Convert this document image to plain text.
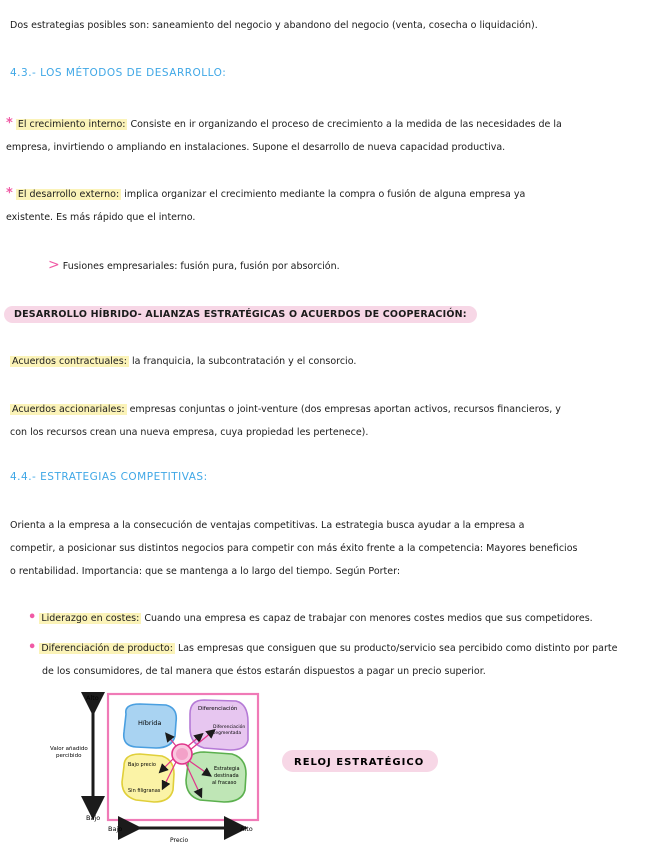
Dos estrategias posibles son: saneamiento del negocio y abandono del negocio (venta, cosecha o liquidación).
4.3.- LOS MÉTODOS DE DESARROLLO:
* El crecimiento interno: Consiste en ir organizando el proceso de crecimiento a la medida de las necesidades de la
empresa, invirtiendo o ampliando en instalaciones. Supone el desarrollo de nueva capacidad productiva.
* El desarrollo externo: implica organizar el crecimiento mediante la compra o fusión de alguna empresa ya
existente. Es más rápido que el interno.
> Fusiones empresariales: fusión pura, fusión por absorción.
DESARROLLO HÍBRIDO- ALIANZAS ESTRATÉGICAS O ACUERDOS DE COOPERACIÓN:
Acuerdos contractuales: la franquicia, la subcontratación y el consorcio.
Acuerdos accionariales: empresas conjuntas o joint-venture (dos empresas aportan activos, recursos financieros, y
con los recursos crean una nueva empresa, cuya propiedad les pertenece).
4.4.- ESTRATEGIAS COMPETITIVAS:
Orienta a la empresa a la consecución de ventajas competitivas. La estrategia busca ayudar a la empresa a
competir, a posicionar sus distintos negocios para competir con más éxito frente a la competencia: Mayores beneficios
o rentabilidad. Importancia: que se mantenga a lo largo del tiempo. Según Porter:
• Liderazgo en costes: Cuando una empresa es capaz de trabajar con menores costes medios que sus competidores.
• Diferenciación de producto: Las empresas que consiguen que su producto/servicio sea percibido como distinto por parte
de los consumidores, de tal manera que éstos estarán dispuestos a pagar un precio superior.
Alto
Bajo
Valor añadido
percibido
Bajo	Alto
Precio
Híbrida
Diferenciación
Diferenciación
segmentada
Bajo precio
Sin filigranas
Estrategia
destinada
al fracaso
RELOJ ESTRATÉGICO
